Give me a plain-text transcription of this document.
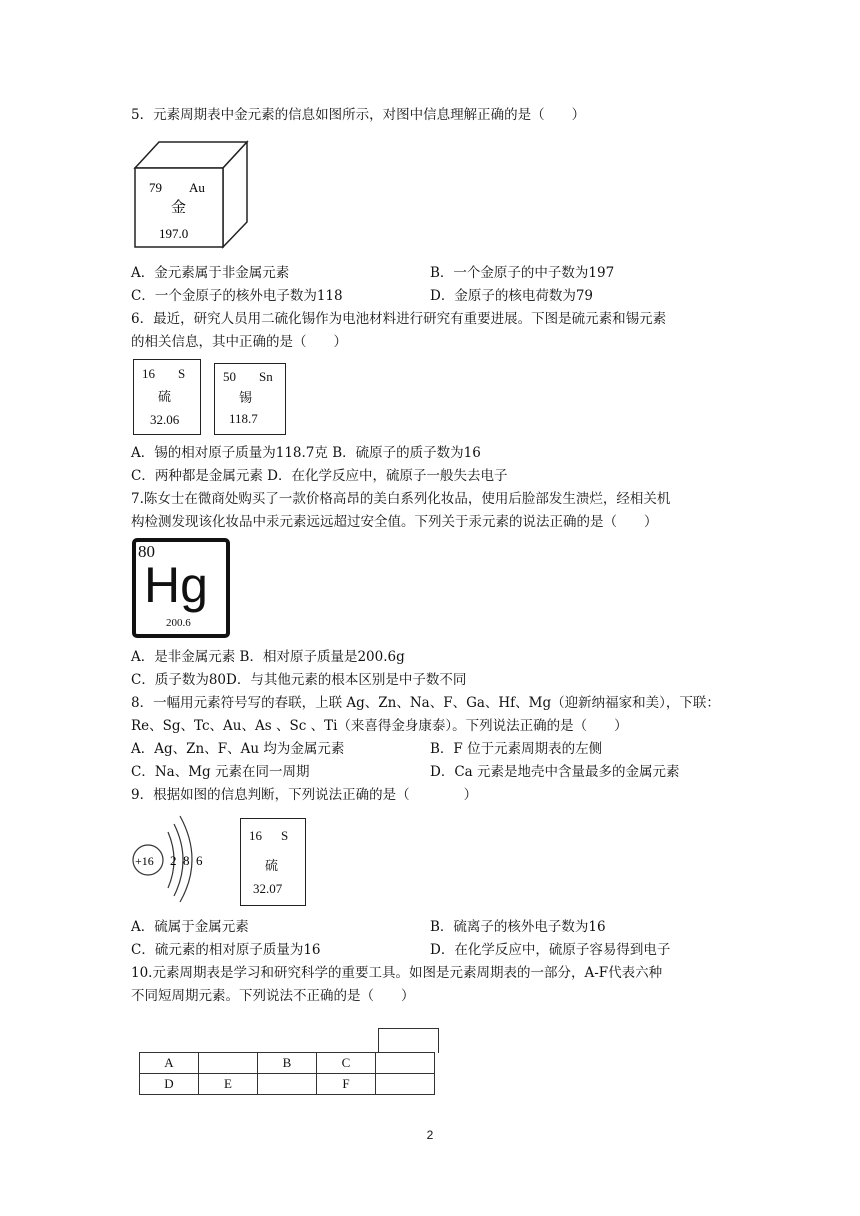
5．元素周期表中金元素的信息如图所示，对图中信息理解正确的是（　　）
79 Au
金
197.0
A．金元素属于非金属元素	B．一个金原子的中子数为197
C．一个金原子的核外电子数为118	D．金原子的核电荷数为79
6．最近，研究人员用二硫化锡作为电池材料进行研究有重要进展。下图是硫元素和锡元素
的相关信息，其中正确的是（　　）
16 S
硫
32.06
50 Sn
锡
118.7
A．锡的相对原子质量为118.7克 B．硫原子的质子数为16
C．两种都是金属元素 D．在化学反应中，硫原子一般失去电子
7.陈女士在微商处购买了一款价格高昂的美白系列化妆品，使用后脸部发生溃烂，经相关机
构检测发现该化妆品中汞元素远远超过安全值。下列关于汞元素的说法正确的是（　　）
80
Hg
200.6
A．是非金属元素 B．相对原子质量是200.6g
C．质子数为80D．与其他元素的根本区别是中子数不同
8．一幅用元素符号写的春联，上联 Ag、Zn、Na、F、Ga、Hf、Mg（迎新纳福家和美），下联：
Re、Sg、Tc、Au、As 、Sc 、Ti（来喜得金身康泰）。下列说法正确的是（　　）
A．Ag、Zn、F、Au 均为金属元素	B．F 位于元素周期表的左侧
C．Na、Mg 元素在同一周期	D．Ca 元素是地壳中含量最多的金属元素
9．根据如图的信息判断，下列说法正确的是（　　　　）
+16 2 8 6
16 S
硫
32.07
A．硫属于金属元素	B．硫离子的核外电子数为16
C．硫元素的相对原子质量为16	D．在化学反应中，硫原子容易得到电子
10.元素周期表是学习和研究科学的重要工具。如图是元素周期表的一部分，A-F代表六种
不同短周期元素。下列说法不正确的是（　　）
A		B	C	
D	E		F	
2
